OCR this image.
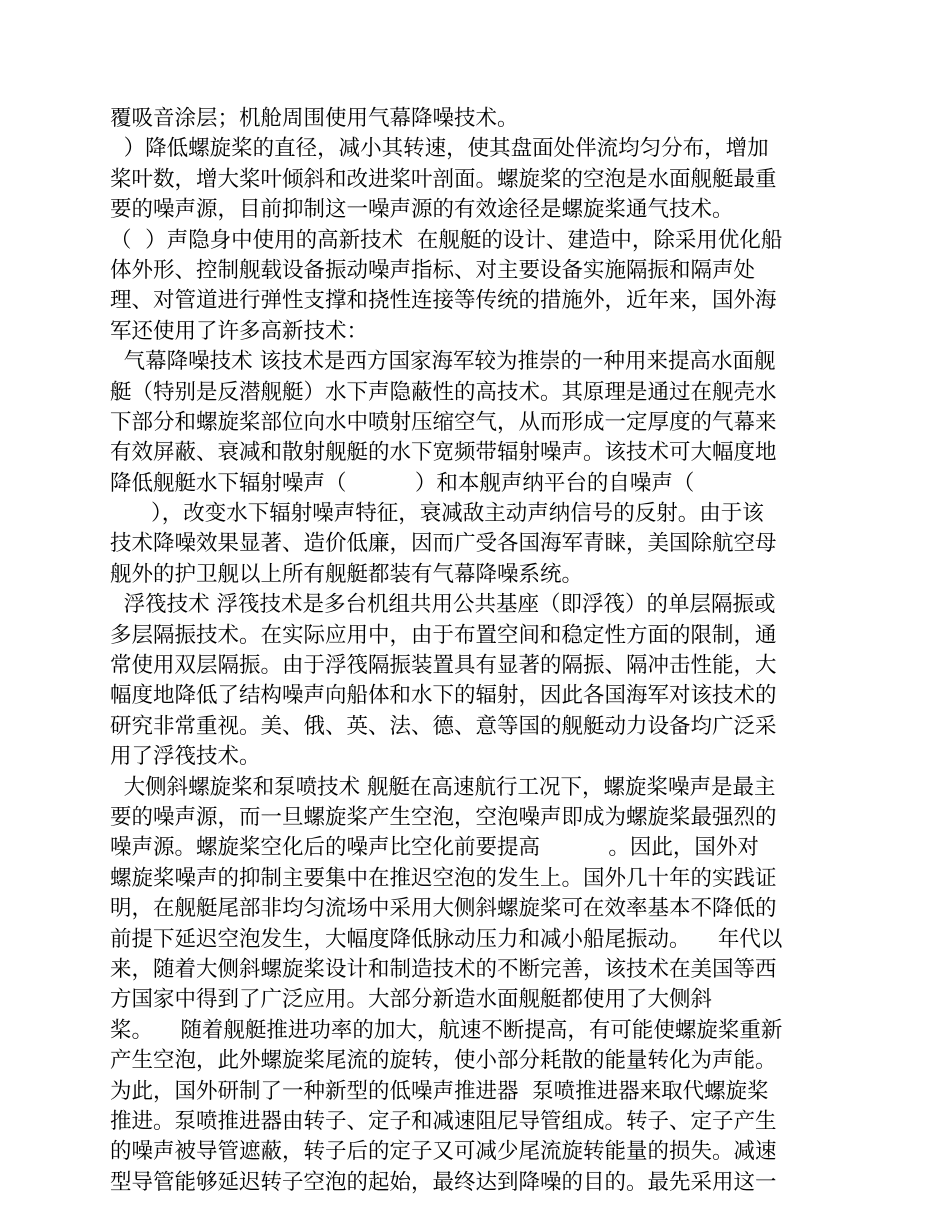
覆吸音涂层；机舱周围使用气幕降噪技术。
）降低螺旋桨的直径，减小其转速，使其盘面处伴流均匀分布，增加
桨叶数，增大桨叶倾斜和改进桨叶剖面。螺旋桨的空泡是水面舰艇最重
要的噪声源，目前抑制这一噪声源的有效途径是螺旋桨通气技术。
（  ）声隐身中使用的高新技术  在舰艇的设计、建造中，除采用优化船
体外形、控制舰载设备振动噪声指标、对主要设备实施隔振和隔声处
理、对管道进行弹性支撑和挠性连接等传统的措施外，近年来，国外海
军还使用了许多高新技术：
气幕降噪技术 该技术是西方国家海军较为推崇的一种用来提高水面舰
艇（特别是反潜舰艇）水下声隐蔽性的高技术。其原理是通过在舰壳水
下部分和螺旋桨部位向水中喷射压缩空气，从而形成一定厚度的气幕来
有效屏蔽、衰减和散射舰艇的水下宽频带辐射噪声。该技术可大幅度地
降低舰艇水下辐射噪声（          ）和本舰声纳平台的自噪声（
），改变水下辐射噪声特征，衰减敌主动声纳信号的反射。由于该
技术降噪效果显著、造价低廉，因而广受各国海军青睐，美国除航空母
舰外的护卫舰以上所有舰艇都装有气幕降噪系统。
浮筏技术 浮筏技术是多台机组共用公共基座（即浮筏）的单层隔振或
多层隔振技术。在实际应用中，由于布置空间和稳定性方面的限制，通
常使用双层隔振。由于浮筏隔振装置具有显著的隔振、隔冲击性能，大
幅度地降低了结构噪声向船体和水下的辐射，因此各国海军对该技术的
研究非常重视。美、俄、英、法、德、意等国的舰艇动力设备均广泛采
用了浮筏技术。
大侧斜螺旋桨和泵喷技术 舰艇在高速航行工况下，螺旋桨噪声是最主
要的噪声源，而一旦螺旋桨产生空泡，空泡噪声即成为螺旋桨最强烈的
噪声源。螺旋桨空化后的噪声比空化前要提高          。因此，国外对
螺旋桨噪声的抑制主要集中在推迟空泡的发生上。国外几十年的实践证
明，在舰艇尾部非均匀流场中采用大侧斜螺旋桨可在效率基本不降低的
前提下延迟空泡发生，大幅度降低脉动压力和减小船尾振动。    年代以
来，随着大侧斜螺旋桨设计和制造技术的不断完善，该技术在美国等西
方国家中得到了广泛应用。大部分新造水面舰艇都使用了大侧斜
桨。    随着舰艇推进功率的加大，航速不断提高，有可能使螺旋桨重新
产生空泡，此外螺旋桨尾流的旋转，使小部分耗散的能量转化为声能。
为此，国外研制了一种新型的低噪声推进器  泵喷推进器来取代螺旋桨
推进。泵喷推进器由转子、定子和减速阻尼导管组成。转子、定子产生
的噪声被导管遮蔽，转子后的定子又可减少尾流旋转能量的损失。减速
型导管能够延迟转子空泡的起始，最终达到降噪的目的。最先采用这一
